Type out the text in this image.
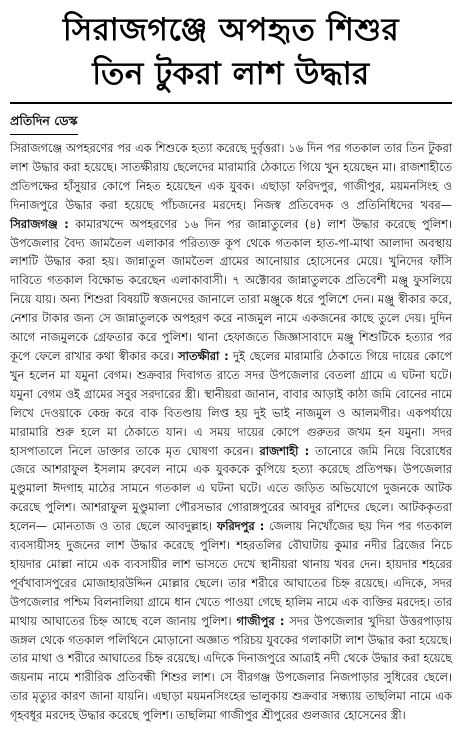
সিরাজগঞ্জে অপহৃত শিশুর
তিন টুকরা লাশ উদ্ধার
প্রতিদিন ডেস্ক

সিরাজগঞ্জে অপহরণের পর এক শিশুকে হত্যা করেছে দুর্বৃত্তরা। ১৬ দিন পর গতকাল তার তিন টুকরা লাশ উদ্ধার করা হয়েছে। সাতক্ষীরায় ছেলেদের মারামারি ঠেকাতে গিয়ে খুন হয়েছেন মা। রাজশাহীতে প্রতিপক্ষের হাঁসুয়ার কোপে নিহত হয়েছেন এক যুবক। এছাড়া ফরিদপুর, গাজীপুর, ময়মনসিংহ ও দিনাজপুরে উদ্ধার করা হয়েছে পাঁচজনের মরদেহ। নিজস্ব প্রতিবেদক ও প্রতিনিধিদের খবর—সিরাজগঞ্জ : কামারখন্দে অপহরণের ১৬ দিন পর জান্নাতুলের (৪) লাশ উদ্ধার করেছে পুলিশ। উপজেলার বৈদ্য জামতৈল এলাকার পরিত্যক্ত কূপ থেকে গতকাল হাত-পা-মাথা আলাদা অবস্থায় লাশটি উদ্ধার করা হয়। জান্নাতুল জামতৈল গ্রামের আনোয়ার হোসেনের মেয়ে। খুনিদের ফাঁসি দাবিতে গতকাল বিক্ষোভ করেছেন এলাকাবাসী। ৭ অক্টোবর জান্নাতুলকে প্রতিবেশী মঞ্জু ফুসলিয়ে নিয়ে যায়। অন্য শিশুরা বিষয়টি স্বজনদের জানালে তারা মঞ্জুকে ধরে পুলিশে দেন। মঞ্জু স্বীকার করে, নেশার টাকার জন্য সে জান্নাতুলকে অপহরণ করে নাজমুল নামে একজনের কাছে তুলে দেয়। দুদিন আগে নাজমুলকে গ্রেফতার করে পুলিশ। থানা হেফাজতে জিজ্ঞাসাবাদে মঞ্জু শিশুটিকে হত্যার পর কূপে ফেলে রাখার কথা স্বীকার করে। সাতক্ষীরা : দুই ছেলের মারামারি ঠেকাতে গিয়ে দায়ের কোপে খুন হলেন মা যমুনা বেগম। শুক্রবার দিবাগত রাতে সদর উপজেলার বেতলা গ্রামে এ ঘটনা ঘটে। যমুনা বেগম ওই গ্রামের সবুর সরদারের স্ত্রী। স্থানীয়রা জানান, বাবার আড়াই কাঠা জমি বোনের নামে লিখে দেওয়াকে কেন্দ্র করে বাক বিতণ্ডায় লিপ্ত হয় দুই ভাই নাজমুল ও আলমগীর। একপর্যায়ে মারামারি শুরু হলে মা ঠেকাতে যান। এ সময় দায়ের কোপে গুরুতর জখম হন যমুনা। সদর হাসপাতালে নিলে ডাক্তার তাকে মৃত ঘোষণা করেন। রাজশাহী : তানোরে জমি নিয়ে বিরোধের জেরে আশরাফুল ইসলাম রুবেল নামে এক যুবককে কুপিয়ে হত্যা করেছে প্রতিপক্ষ। উপজেলার মুণ্ডুমালা ঈদগাহ মাঠের সামনে গতকাল এ ঘটনা ঘটে। এতে জড়িত অভিযোগে দুজনকে আটক করেছে পুলিশ। আশরাফুল মুণ্ডুমালা পৌরসভার গোরাঙ্গপুরের আবদুর রশিদের ছেলে। আটককৃতরা হলেন— মোনতাজ ও তার ছেলে আবদুল্লাহ। ফরিদপুর : জেলায় নিখোঁজের ছয় দিন পর গতকাল ব্যবসায়ীসহ দুজনের লাশ উদ্ধার করেছে পুলিশ। শহরতলির বৌঘাটায় কুমার নদীর ব্রিজের নিচে হায়দার মোল্লা নামে এক ব্যবসায়ীর লাশ ভাসতে দেখে স্থানীয়রা থানায় খবর দেন। হায়দার শহরের পূর্বখাবাসপুরের মোজাহারউদ্দিন মোল্লার ছেলে। তার শরীরে আঘাতের চিহ্ন রয়েছে। এদিকে, সদর উপজেলার পশ্চিম বিলনালিয়া গ্রামে ধান খেতে পাওয়া গেছে হালিম নামে এক ব্যক্তির মরদেহ। তার মাথায় আঘাতের চিহ্ন আছে বলে জানায় পুলিশ। গাজীপুর : সদর উপজেলার খুদিয়া উত্তরপাড়ায় জঙ্গল থেকে গতকাল পলিথিনে মোড়ানো অজ্ঞাত পরিচয় যুবকের গলাকাটা লাশ উদ্ধার করা হয়েছে। তার মাথা ও শরীরে আঘাতের চিহ্ন রয়েছে। এদিকে দিনাজপুরে আত্রাই নদী থেকে উদ্ধার করা হয়েছে জয়নাম নামে শারীরিক প্রতিবন্ধী শিশুর লাশ। সে বীরগঞ্জ উপজেলার নিজপাড়ার সুধিরের ছেলে। তার মৃত্যুর কারণ জানা যায়নি। এছাড়া ময়মনসিংহের ভালুকায় শুক্রবার সন্ধ্যায় তাছলিমা নামে এক গৃহবধূর মরদেহ উদ্ধার করেছে পুলিশ। তাছলিমা গাজীপুর শ্রীপুরের গুলজার হোসেনের স্ত্রী।
